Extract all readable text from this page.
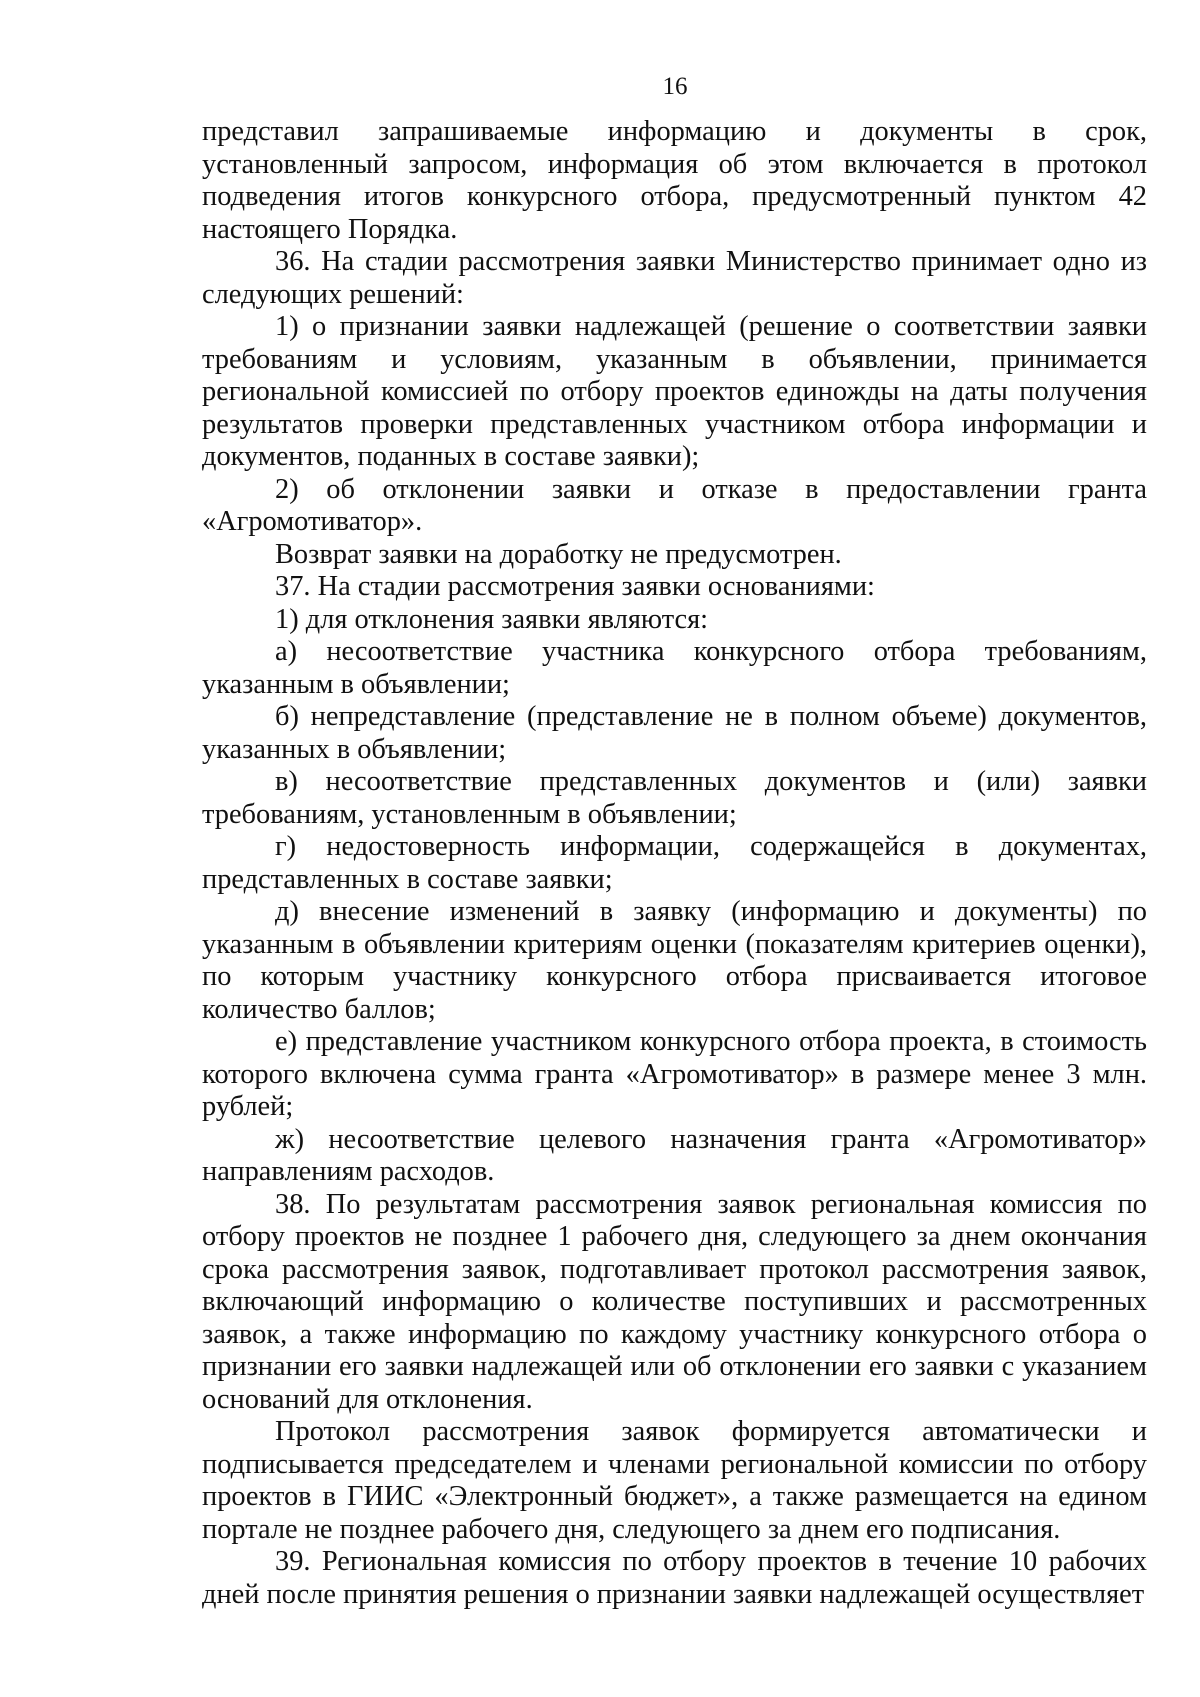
16

представил запрашиваемые информацию и документы в срок, установленный запросом, информация об этом включается в протокол подведения итогов конкурсного отбора, предусмотренный пунктом 42 настоящего Порядка.

36. На стадии рассмотрения заявки Министерство принимает одно из следующих решений:

1) о признании заявки надлежащей (решение о соответствии заявки требованиям и условиям, указанным в объявлении, принимается региональной комиссией по отбору проектов единожды на даты получения результатов проверки представленных участником отбора информации и документов, поданных в составе заявки);

2) об отклонении заявки и отказе в предоставлении гранта «Агромотиватор».

Возврат заявки на доработку не предусмотрен.

37. На стадии рассмотрения заявки основаниями:

1) для отклонения заявки являются:

а) несоответствие участника конкурсного отбора требованиям, указанным в объявлении;

б) непредставление (представление не в полном объеме) документов, указанных в объявлении;

в) несоответствие представленных документов и (или) заявки требованиям, установленным в объявлении;

г) недостоверность информации, содержащейся в документах, представленных в составе заявки;

д) внесение изменений в заявку (информацию и документы) по указанным в объявлении критериям оценки (показателям критериев оценки), по которым участнику конкурсного отбора присваивается итоговое количество баллов;

е) представление участником конкурсного отбора проекта, в стоимость которого включена сумма гранта «Агромотиватор» в размере менее 3 млн. рублей;

ж) несоответствие целевого назначения гранта «Агромотиватор» направлениям расходов.

38. По результатам рассмотрения заявок региональная комиссия по отбору проектов не позднее 1 рабочего дня, следующего за днем окончания срока рассмотрения заявок, подготавливает протокол рассмотрения заявок, включающий информацию о количестве поступивших и рассмотренных заявок, а также информацию по каждому участнику конкурсного отбора о признании его заявки надлежащей или об отклонении его заявки с указанием оснований для отклонения.

Протокол рассмотрения заявок формируется автоматически и подписывается председателем и членами региональной комиссии по отбору проектов в ГИИС «Электронный бюджет», а также размещается на едином портале не позднее рабочего дня, следующего за днем его подписания.

39. Региональная комиссия по отбору проектов в течение 10 рабочих дней после принятия решения о признании заявки надлежащей осуществляет
